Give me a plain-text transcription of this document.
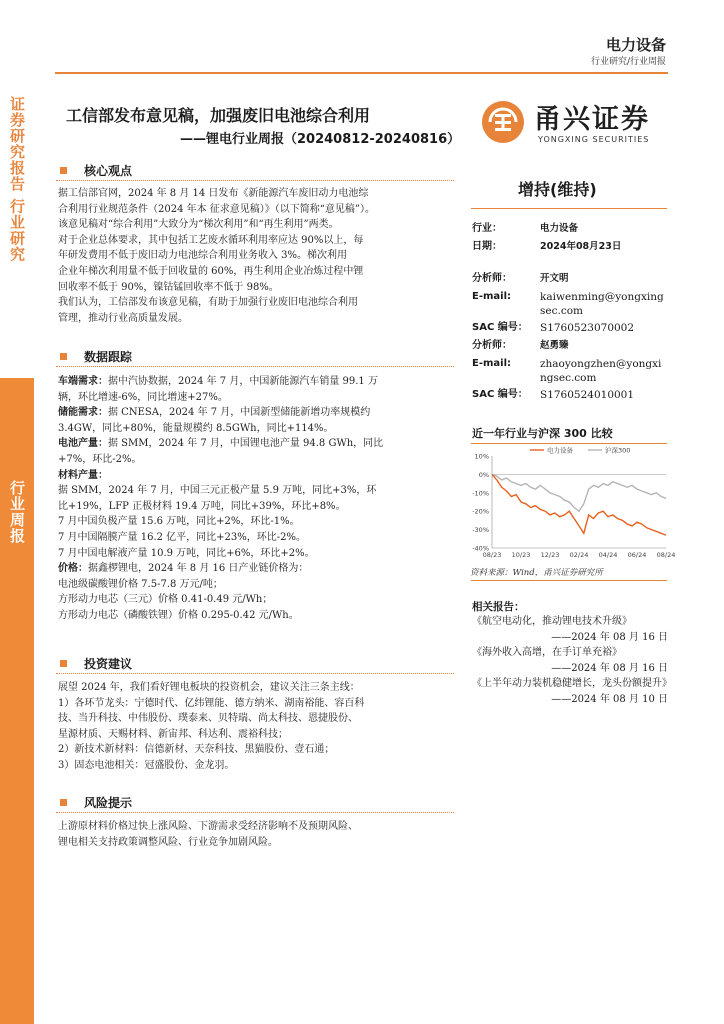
证券研究报告 行业研究
行业周报
电力设备
行业研究/行业周报
工信部发布意见稿，加强废旧电池综合利用
——锂电行业周报（20240812-20240816）
甬兴证券
YONGXING SECURITIES
核心观点
据工信部官网，2024 年 8 月 14 日发布《新能源汽车废旧动力电池综
合利用行业规范条件（2024 年本 征求意见稿）》（以下简称“意见稿”）。
该意见稿对“综合利用”大致分为“梯次利用”和“再生利用”两类。
对于企业总体要求，其中包括工艺废水循环利用率应达 90%以上，每
年研发费用不低于废旧动力电池综合利用业务收入 3%。梯次利用
企业年梯次利用量不低于回收量的 60%，再生利用企业冶炼过程中锂
回收率不低于 90%，镍钴锰回收率不低于 98%。
我们认为，工信部发布该意见稿，有助于加强行业废旧电池综合利用
管理，推动行业高质量发展。
数据跟踪
车端需求：据中汽协数据，2024 年 7 月，中国新能源汽车销量 99.1 万
辆，环比增速-6%，同比增速+27%。
储能需求：据 CNESA，2024 年 7 月，中国新型储能新增功率规模约
3.4GW，同比+80%，能量规模约 8.5GWh，同比+114%。
电池产量：据 SMM，2024 年 7 月，中国锂电池产量 94.8 GWh，同比
+7%，环比-2%。
材料产量：
据 SMM，2024 年 7 月，中国三元正极产量 5.9 万吨，同比+3%，环
比+19%，LFP 正极材料 19.4 万吨，同比+39%，环比+8%。
7 月中国负极产量 15.6 万吨，同比+2%，环比-1%。
7 月中国隔膜产量 16.2 亿平，同比+23%，环比-2%。
7 月中国电解液产量 10.9 万吨，同比+6%，环比+2%。
价格：据鑫椤锂电，2024 年 8 月 16 日产业链价格为：
电池级碳酸锂价格 7.5-7.8 万元/吨；
方形动力电芯（三元）价格 0.41-0.49 元/Wh；
方形动力电芯（磷酸铁锂）价格 0.295-0.42 元/Wh。
投资建议
展望 2024 年，我们看好锂电板块的投资机会，建议关注三条主线：
1）各环节龙头：宁德时代、亿纬锂能、德方纳米、湖南裕能、容百科
技、当升科技、中伟股份、璞泰来、贝特瑞、尚太科技、恩捷股份、
星源材质、天赐材料、新宙邦、科达利、震裕科技；
2）新技术新材料：信德新材、天奈科技、黑猫股份、壹石通；
3）固态电池相关：冠盛股份、金龙羽。
风险提示
上游原材料价格过快上涨风险、下游需求受经济影响不及预期风险、
锂电相关支持政策调整风险、行业竞争加剧风险。
增持(维持)
行业：	电力设备
日期：	2024年08月23日
分析师：	开文明
E-mail:	kaiwenming@yongxingsec.com
SAC 编号： S1760523070002
分析师：	赵勇臻
E-mail:	zhaoyongzhen@yongxingsec.com
SAC 编号： S1760524010001
近一年行业与沪深 300 比较
10%
0%
-10%
-20%
-30%
-40%
08/23 10/23 12/23 02/24 04/24 06/24 08/24
电力设备	沪深300
资料来源：Wind，甬兴证券研究所
相关报告：
《航空电动化，推动锂电技术升级》
——2024 年 08 月 16 日
《海外收入高增，在手订单充裕》
——2024 年 08 月 16 日
《上半年动力装机稳健增长，龙头份额提升》
——2024 年 08 月 10 日
